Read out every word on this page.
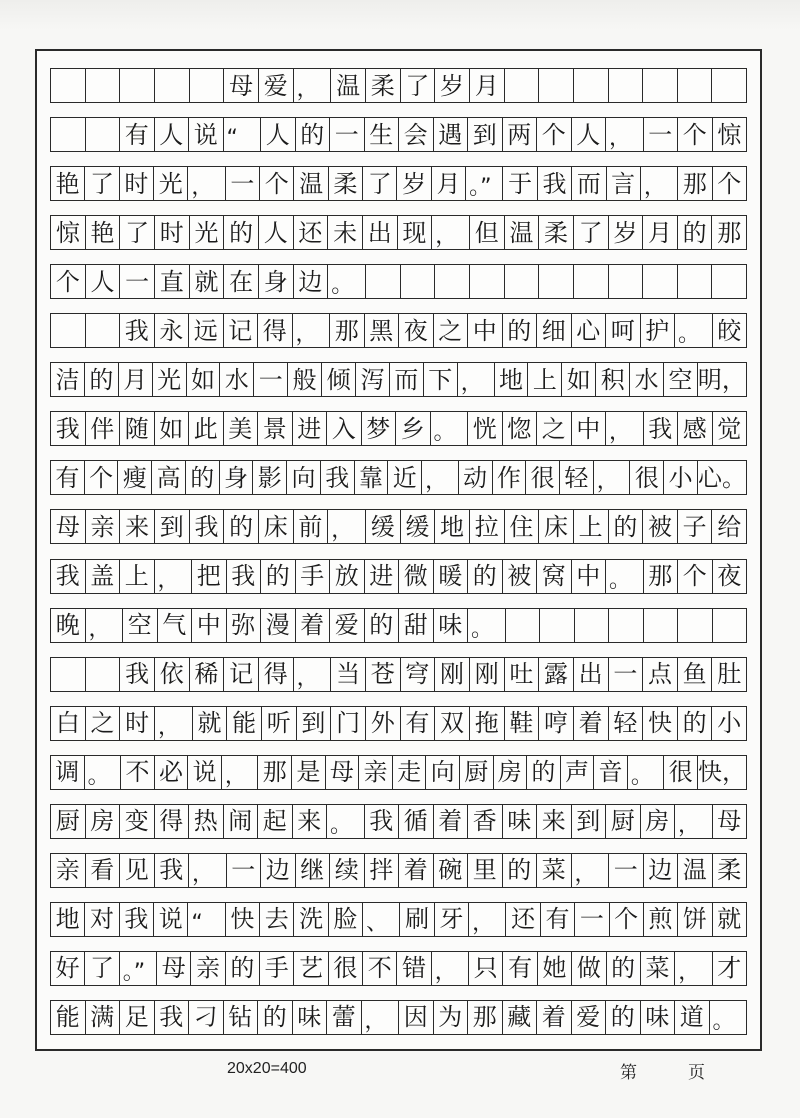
母 爱 ， 温 柔 了 岁 月
有 人 说 “	人 的 一 生 会 遇 到 两 个 人 ， 一 个 惊
艳 了 时 光 ， 一 个 温 柔 了 岁 月 。” 于 我 而 言 ， 那 个
惊 艳 了 时 光 的 人 还 未 出 现 ， 但 温 柔 了 岁 月 的 那
个 人 一 直 就 在 身 边 。
我 永 远 记 得 ， 那 黑 夜 之 中 的 细 心 呵 护 。 皎
洁 的 月 光 如 水 一 般 倾 泻 而 下 ， 地 上 如 积 水 空 明，
我 伴 随 如 此 美 景 进 入 梦 乡 。 恍 惚 之 中 ， 我 感 觉
有 个 瘦 高 的 身 影 向 我 靠 近 ， 动 作 很 轻 ， 很 小 心。
母 亲 来 到 我 的 床 前 ， 缓 缓 地 拉 住 床 上 的 被 子 给
我 盖 上 ， 把 我 的 手 放 进 微 暖 的 被 窝 中 。 那 个 夜
晚 ， 空 气 中 弥 漫 着 爱 的 甜 味 。
我 依 稀 记 得 ， 当 苍 穹 刚 刚 吐 露 出 一 点 鱼 肚
白 之 时 ， 就 能 听 到 门 外 有 双 拖 鞋 哼 着 轻 快 的 小
调 。 不 必 说 ， 那 是 母 亲 走 向 厨 房 的 声 音 。 很 快，
厨 房 变 得 热 闹 起 来 。 我 循 着 香 味 来 到 厨 房 ， 母
亲 看 见 我 ， 一 边 继 续 拌 着 碗 里 的 菜 ， 一 边 温 柔
地 对 我 说 “	快 去 洗 脸 、 刷 牙 ， 还 有 一 个 煎 饼 就
好 了 。” 母 亲 的 手 艺 很 不 错 ， 只 有 她 做 的 菜 ， 才
能 满 足 我 刁 钻 的 味 蕾 ， 因 为 那 藏 着 爱 的 味 道 。
20x20=400	第	页
